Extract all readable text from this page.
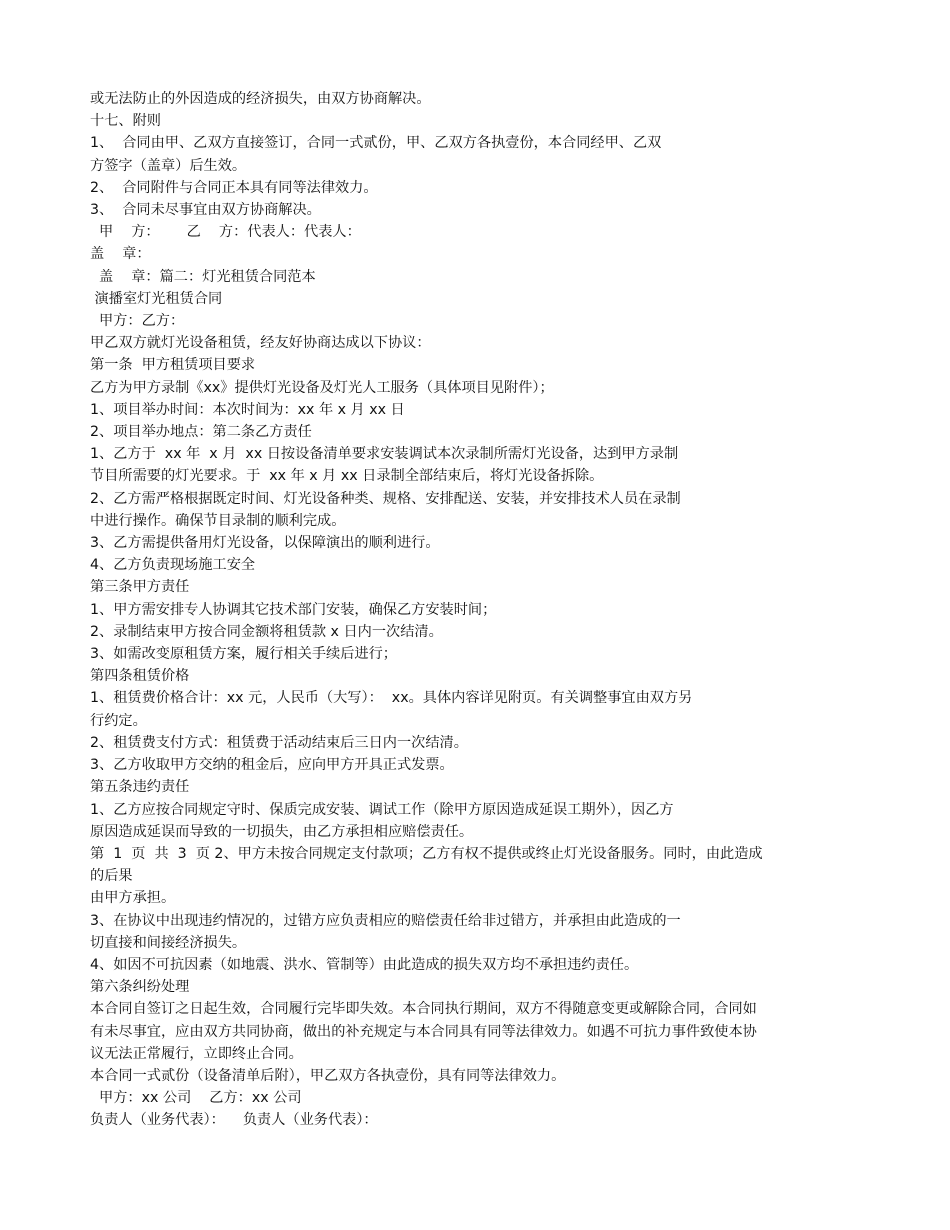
或无法防止的外因造成的经济损失，由双方协商解决。
十七、附则
1、  合同由甲、乙双方直接签订，合同一式贰份，甲、乙双方各执壹份，本合同经甲、乙双
方签字（盖章）后生效。
2、  合同附件与合同正本具有同等法律效力。
3、  合同未尽事宜由双方协商解决。
甲    方：      乙    方：代表人：代表人：
盖    章：
盖    章：篇二：灯光租赁合同范本
演播室灯光租赁合同
甲方：乙方：
甲乙双方就灯光设备租赁，经友好协商达成以下协议：
第一条  甲方租赁项目要求
乙方为甲方录制《xx》提供灯光设备及灯光人工服务（具体项目见附件）；
1、项目举办时间：本次时间为：xx 年 x 月 xx 日
2、项目举办地点：第二条乙方责任
1、乙方于  xx 年  x 月  xx 日按设备清单要求安装调试本次录制所需灯光设备，达到甲方录制
节目所需要的灯光要求。于  xx 年 x 月 xx 日录制全部结束后，将灯光设备拆除。
2、乙方需严格根据既定时间、灯光设备种类、规格、安排配送、安装，并安排技术人员在录制
中进行操作。确保节目录制的顺利完成。
3、乙方需提供备用灯光设备，以保障演出的顺利进行。
4、乙方负责现场施工安全
第三条甲方责任
1、甲方需安排专人协调其它技术部门安装，确保乙方安装时间；
2、录制结束甲方按合同金额将租赁款 x 日内一次结清。
3、如需改变原租赁方案，履行相关手续后进行；
第四条租赁价格
1、租赁费价格合计：xx 元，人民币（大写）：  xx。具体内容详见附页。有关调整事宜由双方另
行约定。
2、租赁费支付方式：租赁费于活动结束后三日内一次结清。
3、乙方收取甲方交纳的租金后，应向甲方开具正式发票。
第五条违约责任
1、乙方应按合同规定守时、保质完成安装、调试工作（除甲方原因造成延误工期外），因乙方
原因造成延误而导致的一切损失，由乙方承担相应赔偿责任。
第  1  页  共  3  页 2、甲方未按合同规定支付款项；乙方有权不提供或终止灯光设备服务。同时，由此造成
的后果
由甲方承担。
3、在协议中出现违约情况的，过错方应负责相应的赔偿责任给非过错方，并承担由此造成的一
切直接和间接经济损失。
4、如因不可抗因素（如地震、洪水、管制等）由此造成的损失双方均不承担违约责任。
第六条纠纷处理
本合同自签订之日起生效，合同履行完毕即失效。本合同执行期间，双方不得随意变更或解除合同，合同如
有未尽事宜，应由双方共同协商，做出的补充规定与本合同具有同等法律效力。如遇不可抗力事件致使本协
议无法正常履行，立即终止合同。
本合同一式贰份（设备清单后附），甲乙双方各执壹份，具有同等法律效力。
甲方：xx 公司    乙方：xx 公司
负责人（业务代表）：    负责人（业务代表）：
